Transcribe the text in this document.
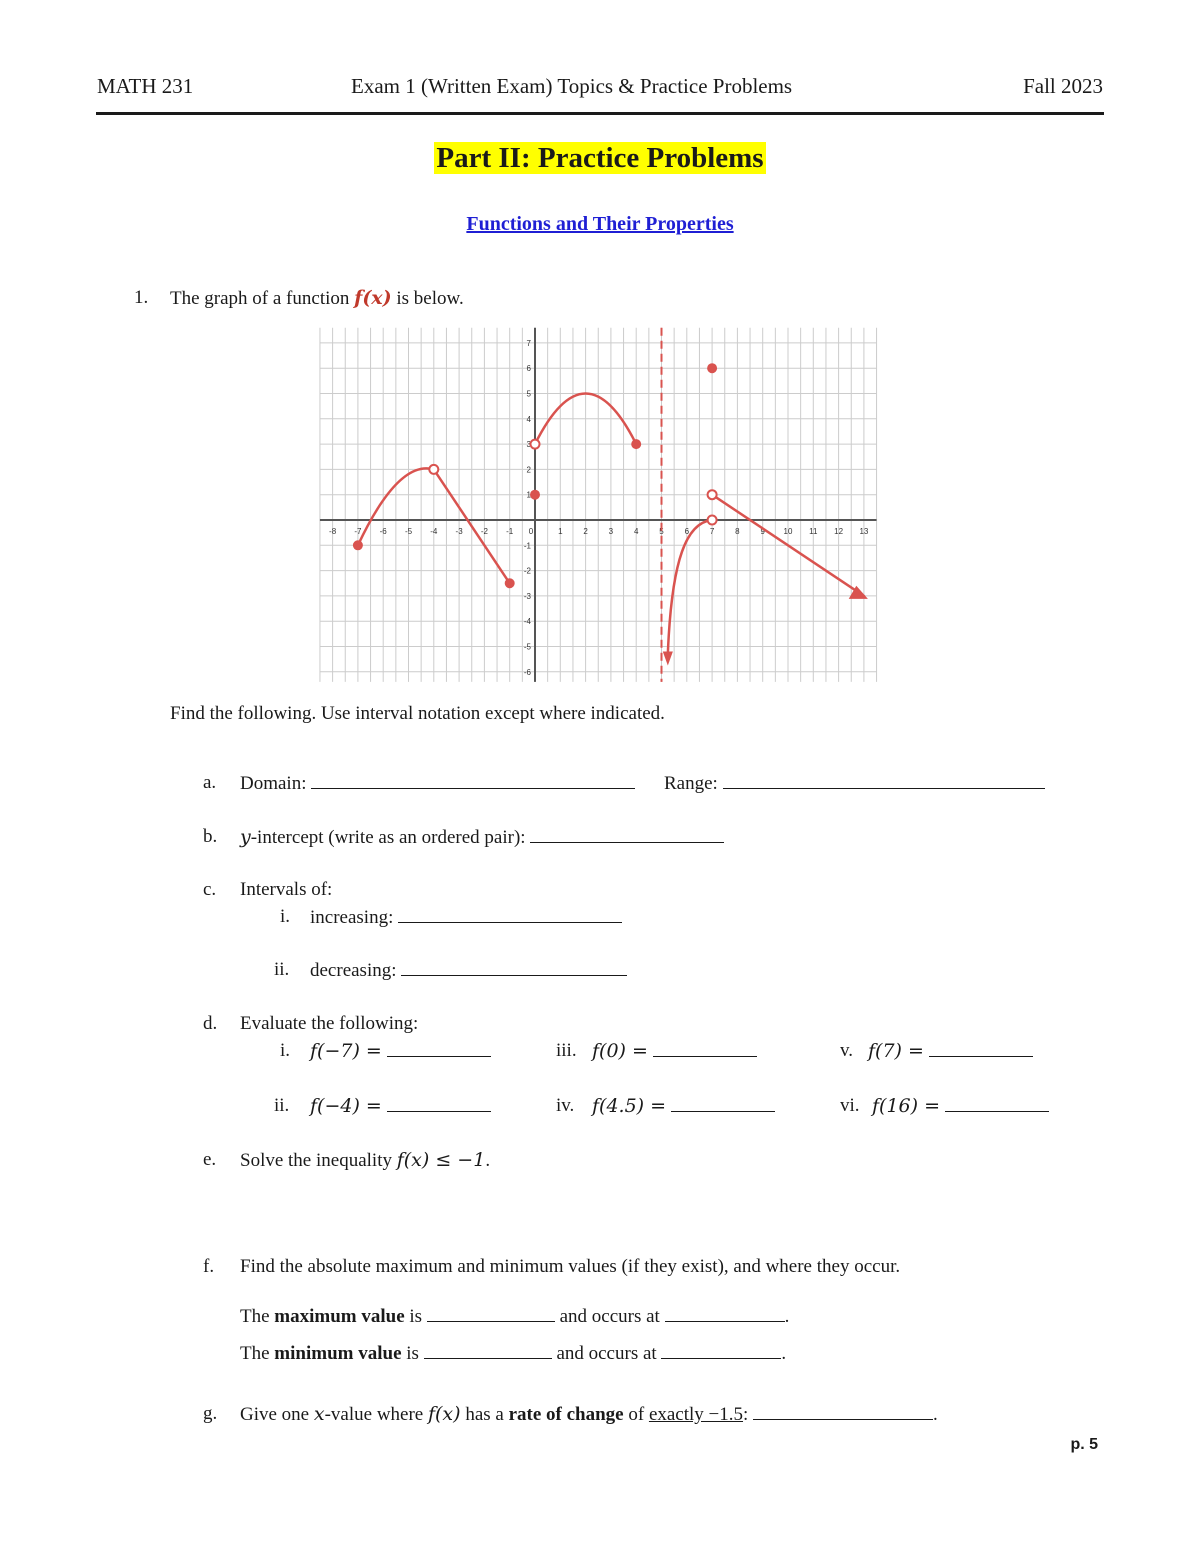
MATH 231	Exam 1 (Written Exam) Topics & Practice Problems	Fall 2023
Part II: Practice Problems
Functions and Their Properties
1. The graph of a function f(x) is below.
-8 -7 -6 -5 -4 -3 -2 -1 0	1	2	3	4	5	6	7	8	9 10 11 12 13
7
6
5
4
3
2
1
-1
-2
-3
-4
-5
-6
Find the following. Use interval notation except where indicated.
a. Domain:	Range:
b. y-intercept (write as an ordered pair):
c. Intervals of:
i. increasing:
ii. decreasing:
d. Evaluate the following:
i. f(−7) =	iii. f(0) =	v. f(7) =
ii. f(−4) =	iv. f(4.5) =	vi. f(16) =
e. Solve the inequality f(x) ≤ −1.
f. Find the absolute maximum and minimum values (if they exist), and where they occur.
The maximum value is	and occurs at	.
The minimum value is	and occurs at	.
g. Give one x-value where f(x) has a rate of change of exactly −1.5:	.
p. 5
